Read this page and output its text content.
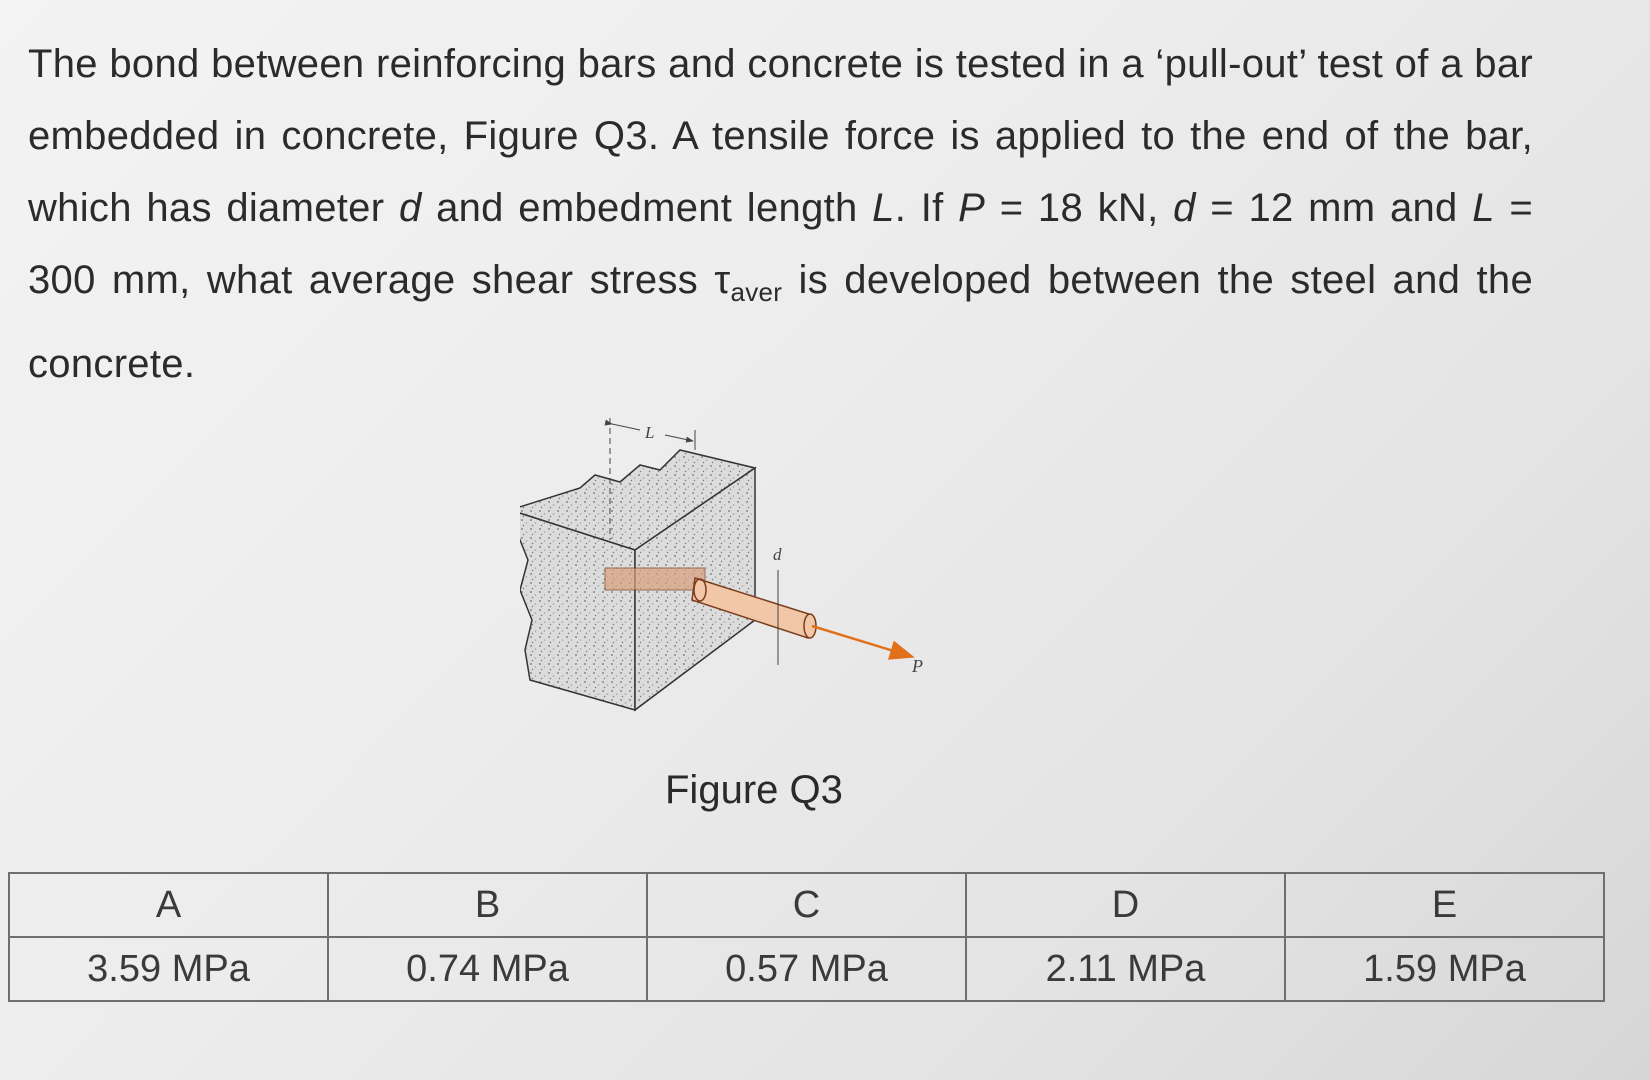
The bond between reinforcing bars and concrete is tested in a ‘pull-out’ test of a bar embedded in concrete, Figure Q3. A tensile force is applied to the end of the bar, which has diameter d and embedment length L. If P = 18 kN, d = 12 mm and L = 300 mm, what average shear stress $\tau_{aver}$ is developed between the steel and the concrete.
P
L
d
Figure Q3
A	B	C	D	E
3.59 MPa	0.74 MPa	0.57 MPa	2.11 MPa	1.59 MPa
